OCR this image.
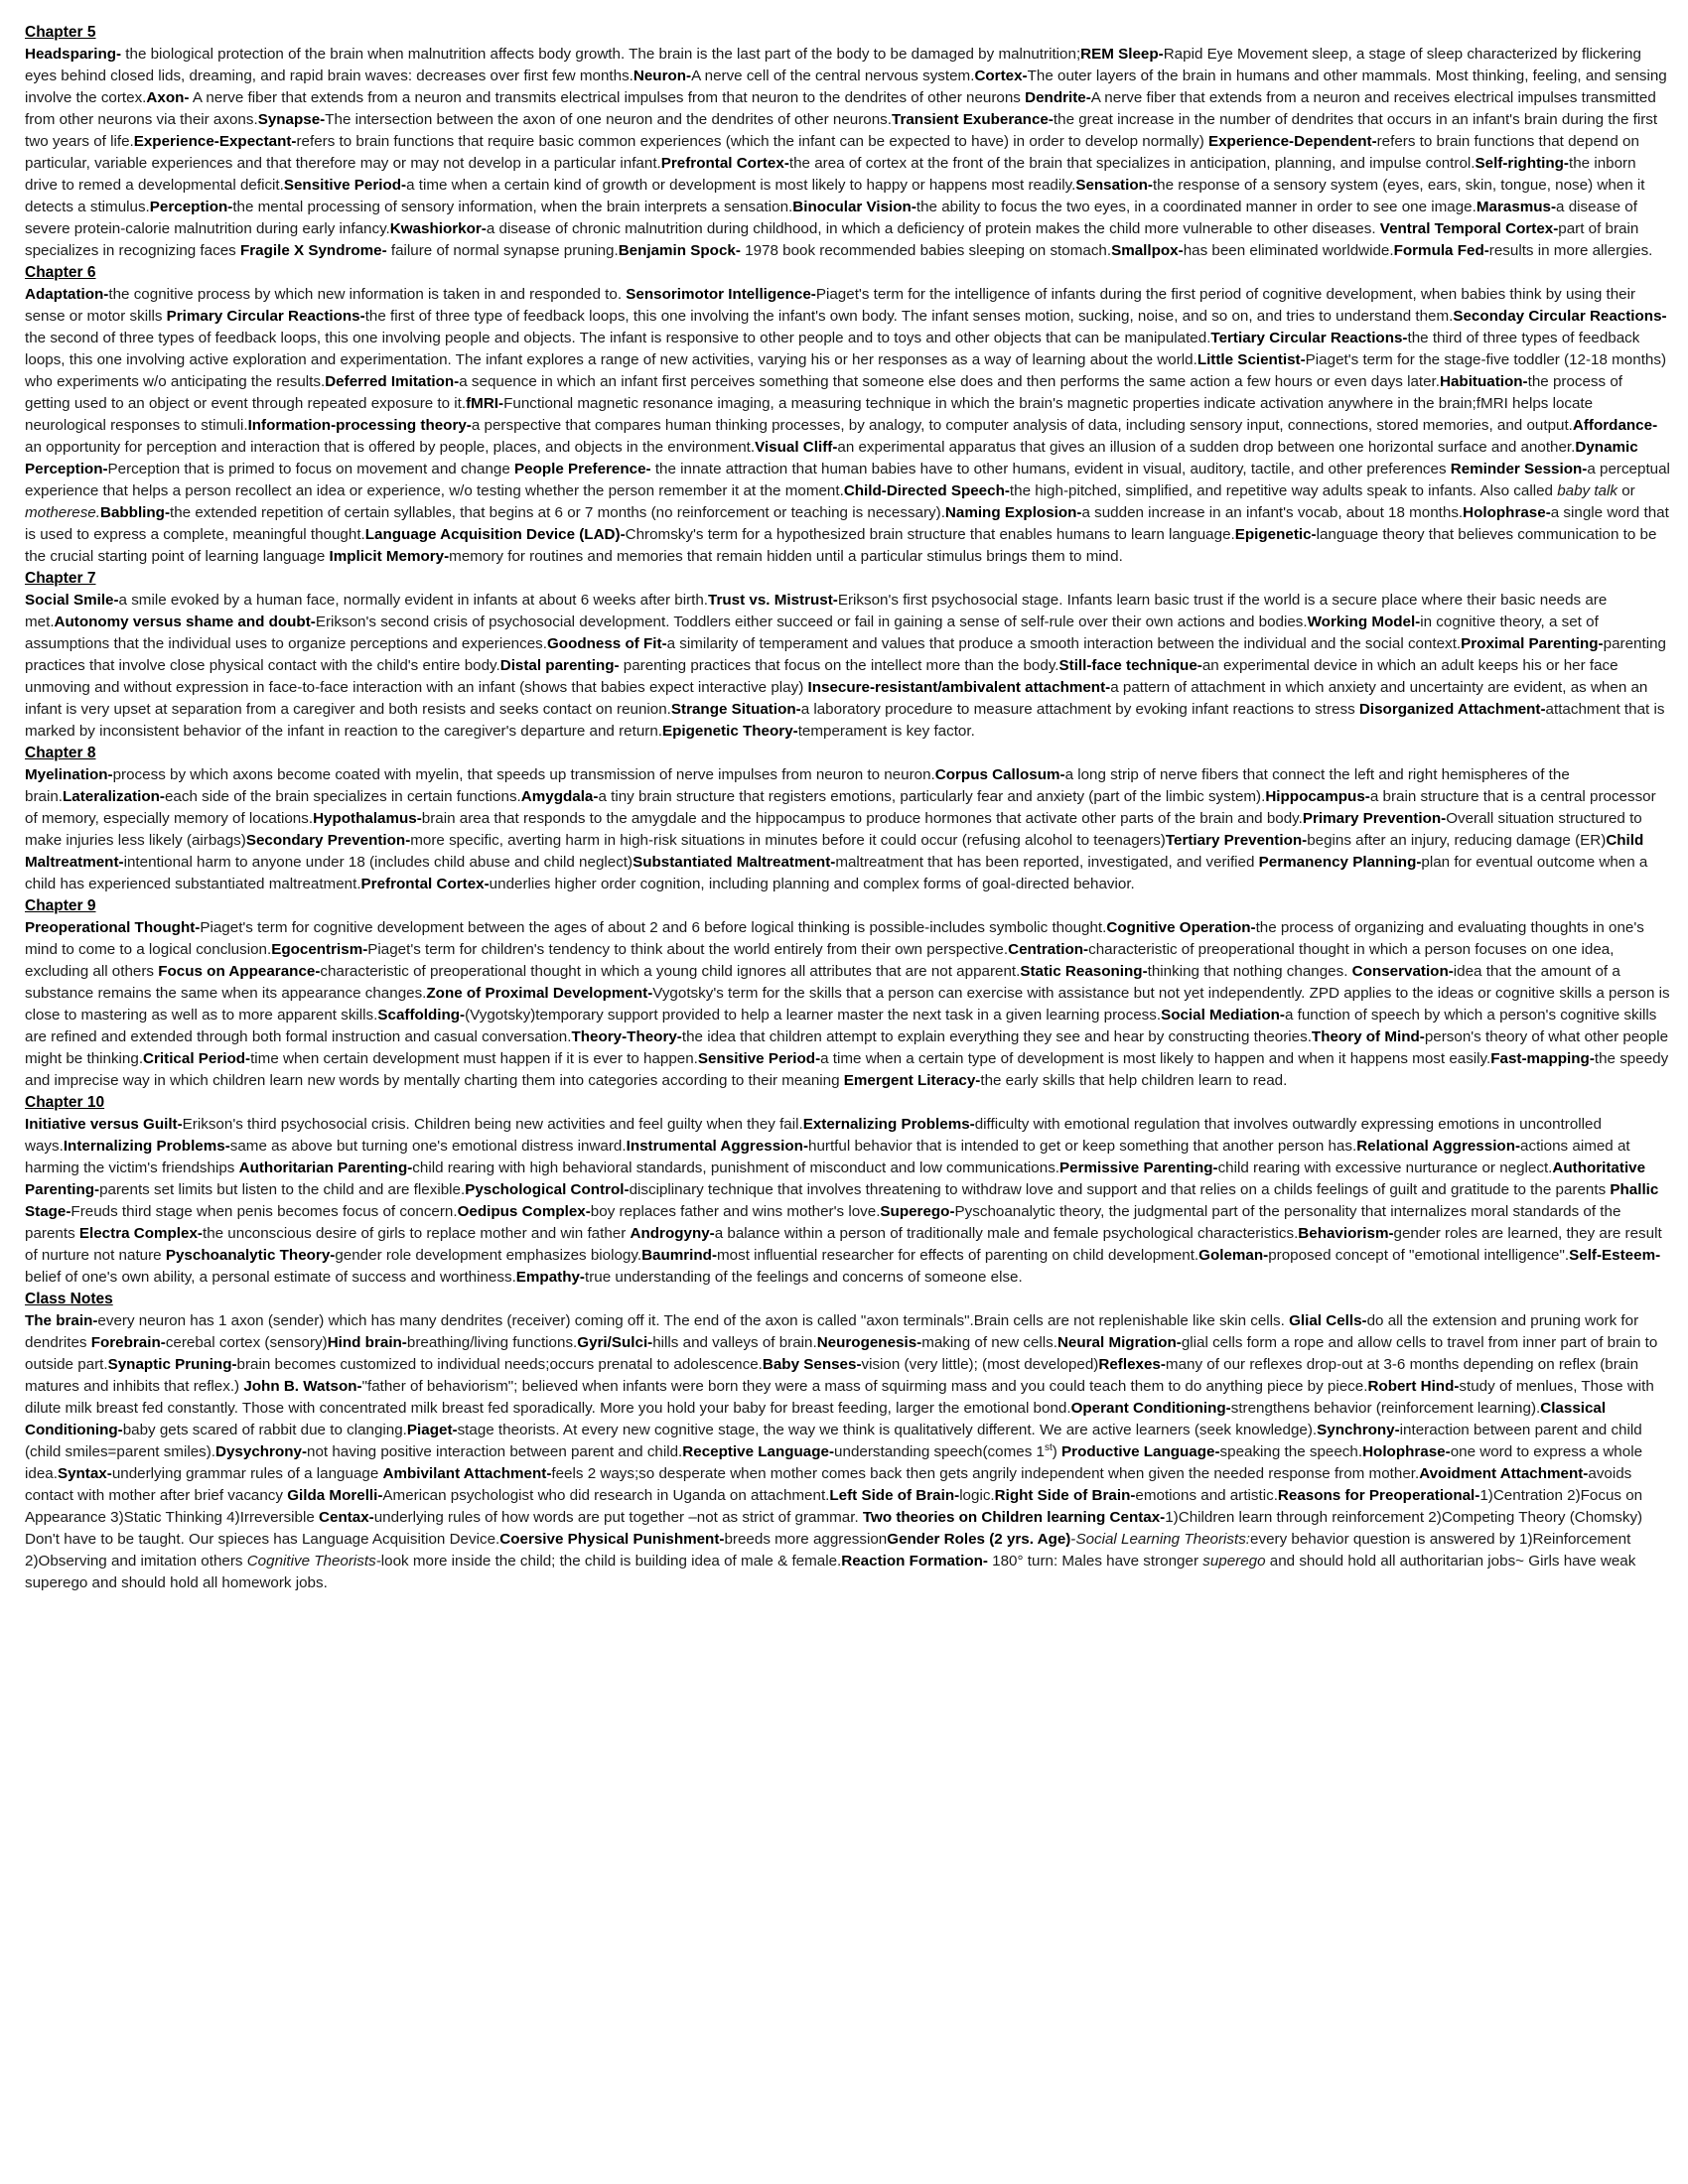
Chapter 5
Headsparing- the biological protection of the brain when malnutrition affects body growth. The brain is the last part of the body to be damaged by malnutrition;REM Sleep-Rapid Eye Movement sleep, a stage of sleep characterized by flickering eyes behind closed lids, dreaming, and rapid brain waves: decreases over first few months.Neuron-A nerve cell of the central nervous system.Cortex-The outer layers of the brain in humans and other mammals. Most thinking, feeling, and sensing involve the cortex.Axon- A nerve fiber that extends from a neuron and transmits electrical impulses from that neuron to the dendrites of other neurons Dendrite-A nerve fiber that extends from a neuron and receives electrical impulses transmitted from other neurons via their axons.Synapse-The intersection between the axon of one neuron and the dendrites of other neurons.Transient Exuberance-the great increase in the number of dendrites that occurs in an infant's brain during the first two years of life.Experience-Expectant-refers to brain functions that require basic common experiences (which the infant can be expected to have) in order to develop normally) Experience-Dependent-refers to brain functions that depend on particular, variable experiences and that therefore may or may not develop in a particular infant.Prefrontal Cortex-the area of cortex at the front of the brain that specializes in anticipation, planning, and impulse control.Self-righting-the inborn drive to remed a developmental deficit.Sensitive Period-a time when a certain kind of growth or development is most likely to happy or happens most readily.Sensation-the response of a sensory system (eyes, ears, skin, tongue, nose) when it detects a stimulus.Perception-the mental processing of sensory information, when the brain interprets a sensation.Binocular Vision-the ability to focus the two eyes, in a coordinated manner in order to see one image.Marasmus-a disease of severe protein-calorie malnutrition during early infancy.Kwashiorkor-a disease of chronic malnutrition during childhood, in which a deficiency of protein makes the child more vulnerable to other diseases. Ventral Temporal Cortex-part of brain specializes in recognizing faces Fragile X Syndrome- failure of normal synapse pruning.Benjamin Spock- 1978 book recommended babies sleeping on stomach.Smallpox-has been eliminated worldwide.Formula Fed-results in more allergies.
Chapter 6
Adaptation-the cognitive process by which new information is taken in and responded to. Sensorimotor Intelligence-Piaget's term for the intelligence of infants during the first period of cognitive development, when babies think by using their sense or motor skills Primary Circular Reactions-the first of three type of feedback loops, this one involving the infant's own body. The infant senses motion, sucking, noise, and so on, and tries to understand them.Seconday Circular Reactions-the second of three types of feedback loops, this one involving people and objects. The infant is responsive to other people and to toys and other objects that can be manipulated.Tertiary Circular Reactions-the third of three types of feedback loops, this one involving active exploration and experimentation. The infant explores a range of new activities, varying his or her responses as a way of learning about the world.Little Scientist-Piaget's term for the stage-five toddler (12-18 months) who experiments w/o anticipating the results.Deferred Imitation-a sequence in which an infant first perceives something that someone else does and then performs the same action a few hours or even days later.Habituation-the process of getting used to an object or event through repeated exposure to it.fMRI-Functional magnetic resonance imaging, a measuring technique in which the brain's magnetic properties indicate activation anywhere in the brain;fMRI helps locate neurological responses to stimuli.Information-processing theory-a perspective that compares human thinking processes, by analogy, to computer analysis of data, including sensory input, connections, stored memories, and output.Affordance-an opportunity for perception and interaction that is offered by people, places, and objects in the environment.Visual Cliff-an experimental apparatus that gives an illusion of a sudden drop between one horizontal surface and another.Dynamic Perception-Perception that is primed to focus on movement and change People Preference- the innate attraction that human babies have to other humans, evident in visual, auditory, tactile, and other preferences Reminder Session-a perceptual experience that helps a person recollect an idea or experience, w/o testing whether the person remember it at the moment.Child-Directed Speech-the high-pitched, simplified, and repetitive way adults speak to infants. Also called baby talk or motherese.Babbling-the extended repetition of certain syllables, that begins at 6 or 7 months (no reinforcement or teaching is necessary).Naming Explosion-a sudden increase in an infant's vocab, about 18 months.Holophrase-a single word that is used to express a complete, meaningful thought.Language Acquisition Device (LAD)-Chromsky's term for a hypothesized brain structure that enables humans to learn language.Epigenetic-language theory that believes communication to be the crucial starting point of learning language Implicit Memory-memory for routines and memories that remain hidden until a particular stimulus brings them to mind.
Chapter 7
Social Smile-a smile evoked by a human face, normally evident in infants at about 6 weeks after birth.Trust vs. Mistrust-Erikson's first psychosocial stage. Infants learn basic trust if the world is a secure place where their basic needs are met.Autonomy versus shame and doubt-Erikson's second crisis of psychosocial development. Toddlers either succeed or fail in gaining a sense of self-rule over their own actions and bodies.Working Model-in cognitive theory, a set of assumptions that the individual uses to organize perceptions and experiences.Goodness of Fit-a similarity of temperament and values that produce a smooth interaction between the individual and the social context.Proximal Parenting-parenting practices that involve close physical contact with the child's entire body.Distal parenting- parenting practices that focus on the intellect more than the body.Still-face technique-an experimental device in which an adult keeps his or her face unmoving and without expression in face-to-face interaction with an infant (shows that babies expect interactive play) Insecure-resistant/ambivalent attachment-a pattern of attachment in which anxiety and uncertainty are evident, as when an infant is very upset at separation from a caregiver and both resists and seeks contact on reunion.Strange Situation-a laboratory procedure to measure attachment by evoking infant reactions to stress Disorganized Attachment-attachment that is marked by inconsistent behavior of the infant in reaction to the caregiver's departure and return.Epigenetic Theory-temperament is key factor.
Chapter 8
Myelination-process by which axons become coated with myelin, that speeds up transmission of nerve impulses from neuron to neuron.Corpus Callosum-a long strip of nerve fibers that connect the left and right hemispheres of the brain.Lateralization-each side of the brain specializes in certain functions.Amygdala-a tiny brain structure that registers emotions, particularly fear and anxiety (part of the limbic system).Hippocampus-a brain structure that is a central processor of memory, especially memory of locations.Hypothalamus-brain area that responds to the amygdale and the hippocampus to produce hormones that activate other parts of the brain and body.Primary Prevention-Overall situation structured to make injuries less likely (airbags)Secondary Prevention-more specific, averting harm in high-risk situations in minutes before it could occur (refusing alcohol to teenagers)Tertiary Prevention-begins after an injury, reducing damage (ER)Child Maltreatment-intentional harm to anyone under 18 (includes child abuse and child neglect)Substantiated Maltreatment-maltreatment that has been reported, investigated, and verified Permanency Planning-plan for eventual outcome when a child has experienced substantiated maltreatment.Prefrontal Cortex-underlies higher order cognition, including planning and complex forms of goal-directed behavior.
Chapter 9
Preoperational Thought-Piaget's term for cognitive development between the ages of about 2 and 6 before logical thinking is possible-includes symbolic thought.Cognitive Operation-the process of organizing and evaluating thoughts in one's mind to come to a logical conclusion.Egocentrism-Piaget's term for children's tendency to think about the world entirely from their own perspective.Centration-characteristic of preoperational thought in which a person focuses on one idea, excluding all others Focus on Appearance-characteristic of preoperational thought in which a young child ignores all attributes that are not apparent.Static Reasoning-thinking that nothing changes. Conservation-idea that the amount of a substance remains the same when its appearance changes.Zone of Proximal Development-Vygotsky's term for the skills that a person can exercise with assistance but not yet independently. ZPD applies to the ideas or cognitive skills a person is close to mastering as well as to more apparent skills.Scaffolding-(Vygotsky)temporary support provided to help a learner master the next task in a given learning process.Social Mediation-a function of speech by which a person's cognitive skills are refined and extended through both formal instruction and casual conversation.Theory-Theory-the idea that children attempt to explain everything they see and hear by constructing theories.Theory of Mind-person's theory of what other people might be thinking.Critical Period-time when certain development must happen if it is ever to happen.Sensitive Period-a time when a certain type of development is most likely to happen and when it happens most easily.Fast-mapping-the speedy and imprecise way in which children learn new words by mentally charting them into categories according to their meaning Emergent Literacy-the early skills that help children learn to read.
Chapter 10
Initiative versus Guilt-Erikson's third psychosocial crisis. Children being new activities and feel guilty when they fail.Externalizing Problems-difficulty with emotional regulation that involves outwardly expressing emotions in uncontrolled ways.Internalizing Problems-same as above but turning one's emotional distress inward.Instrumental Aggression-hurtful behavior that is intended to get or keep something that another person has.Relational Aggression-actions aimed at harming the victim's friendships Authoritarian Parenting-child rearing with high behavioral standards, punishment of misconduct and low communications.Permissive Parenting-child rearing with excessive nurturance or neglect.Authoritative Parenting-parents set limits but listen to the child and are flexible.Pyschological Control-disciplinary technique that involves threatening to withdraw love and support and that relies on a childs feelings of guilt and gratitude to the parents Phallic Stage-Freuds third stage when penis becomes focus of concern.Oedipus Complex-boy replaces father and wins mother's love.Superego-Pyschoanalytic theory, the judgmental part of the personality that internalizes moral standards of the parents Electra Complex-the unconscious desire of girls to replace mother and win father Androgyny-a balance within a person of traditionally male and female psychological characteristics.Behaviorism-gender roles are learned, they are result of nurture not nature Pyschoanalytic Theory-gender role development emphasizes biology.Baumrind-most influential researcher for effects of parenting on child development.Goleman-proposed concept of "emotional intelligence".Self-Esteem-belief of one's own ability, a personal estimate of success and worthiness.Empathy-true understanding of the feelings and concerns of someone else.
Class Notes
The brain-every neuron has 1 axon (sender) which has many dendrites (receiver) coming off it. The end of the axon is called "axon terminals".Brain cells are not replenishable like skin cells. Glial Cells-do all the extension and pruning work for dendrites Forebrain-cerebal cortex (sensory)Hind brain-breathing/living functions.Gyri/Sulci-hills and valleys of brain.Neurogenesis-making of new cells.Neural Migration-glial cells form a rope and allow cells to travel from inner part of brain to outside part.Synaptic Pruning-brain becomes customized to individual needs;occurs prenatal to adolescence.Baby Senses-vision (very little); (most developed)Reflexes-many of our reflexes drop-out at 3-6 months depending on reflex (brain matures and inhibits that reflex.) John B. Watson-"father of behaviorism"; believed when infants were born they were a mass of squirming mass and you could teach them to do anything piece by piece.Robert Hind-study of menlues, Those with dilute milk breast fed constantly. Those with concentrated milk breast fed sporadically. More you hold your baby for breast feeding, larger the emotional bond.Operant Conditioning-strengthens behavior (reinforcement learning).Classical Conditioning-baby gets scared of rabbit due to clanging.Piaget-stage theorists. At every new cognitive stage, the way we think is qualitatively different. We are active learners (seek knowledge).Synchrony-interaction between parent and child (child smiles=parent smiles).Dysychrony-not having positive interaction between parent and child.Receptive Language-understanding speech(comes 1st) Productive Language-speaking the speech.Holophrase-one word to express a whole idea.Syntax-underlying grammar rules of a language Ambivilant Attachment-feels 2 ways;so desperate when mother comes back then gets angrily independent when given the needed response from mother.Avoidment Attachment-avoids contact with mother after brief vacancy Gilda Morelli-American psychologist who did research in Uganda on attachment.Left Side of Brain-logic.Right Side of Brain-emotions and artistic.Reasons for Preoperational-1)Centration 2)Focus on Appearance 3)Static Thinking 4)Irreversible Centax-underlying rules of how words are put together –not as strict of grammar. Two theories on Children learning Centax-1)Children learn through reinforcement 2)Competing Theory (Chomsky) Don't have to be taught. Our spieces has Language Acquisition Device.Coersive Physical Punishment-breeds more aggressionGender Roles (2 yrs. Age)-Social Learning Theorists:every behavior question is answered by 1)Reinforcement 2)Observing and imitation others Cognitive Theorists-look more inside the child; the child is building idea of male & female.Reaction Formation- 180° turn: Males have stronger superego and should hold all authoritarian jobs~ Girls have weak superego and should hold all homework jobs.
